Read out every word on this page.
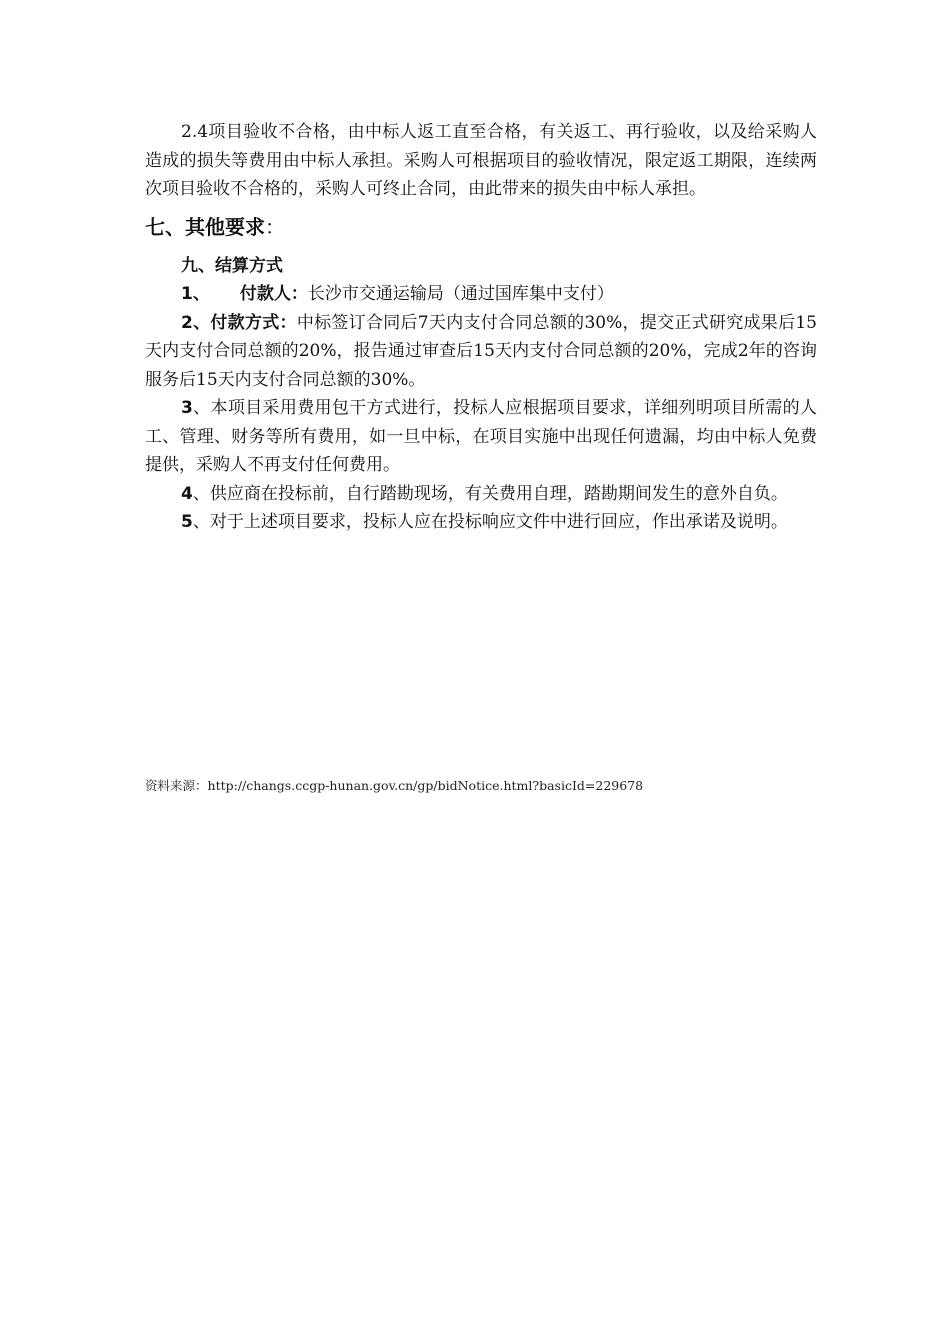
2.4项目验收不合格，由中标人返工直至合格，有关返工、再行验收，以及给采购人造成的损失等费用由中标人承担。采购人可根据项目的验收情况，限定返工期限，连续两次项目验收不合格的，采购人可终止合同，由此带来的损失由中标人承担。

七、其他要求：

九、结算方式

1、 付款人：长沙市交通运输局（通过国库集中支付）

2、付款方式：中标签订合同后7天内支付合同总额的30%，提交正式研究成果后15天内支付合同总额的20%，报告通过审查后15天内支付合同总额的20%，完成2年的咨询服务后15天内支付合同总额的30%。

3、本项目采用费用包干方式进行，投标人应根据项目要求，详细列明项目所需的人工、管理、财务等所有费用，如一旦中标，在项目实施中出现任何遗漏，均由中标人免费提供，采购人不再支付任何费用。

4、供应商在投标前，自行踏勘现场，有关费用自理，踏勘期间发生的意外自负。

5、对于上述项目要求，投标人应在投标响应文件中进行回应，作出承诺及说明。

资料来源：http://changs.ccgp-hunan.gov.cn/gp/bidNotice.html?basicId=229678
